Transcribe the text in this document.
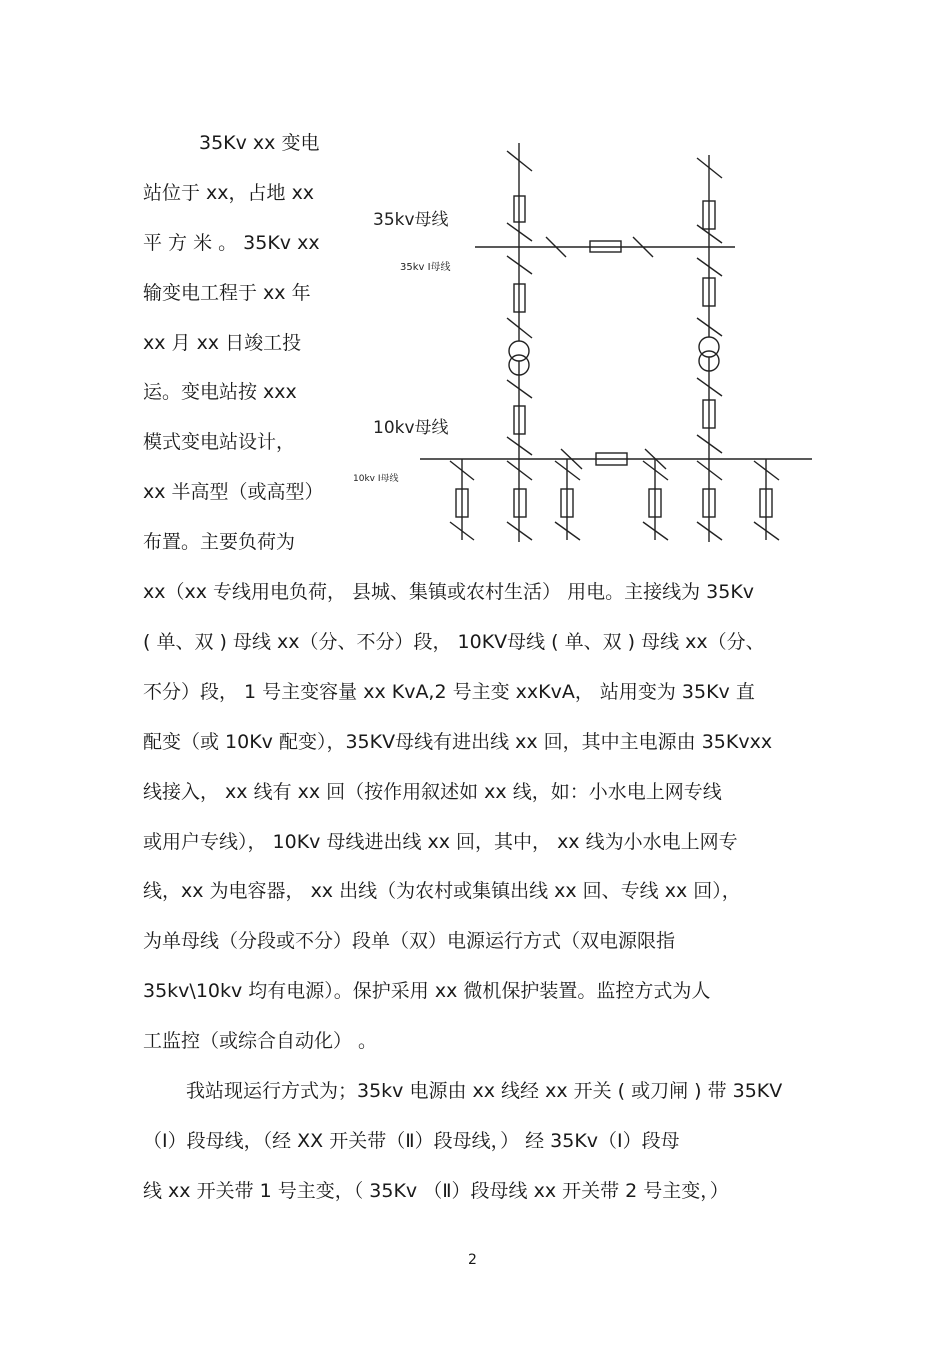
35Kv xx 变电
站位于 xx，占地 xx
平 方 米 。 35Kv xx
输变电工程于 xx 年
xx 月 xx 日竣工投
运。变电站按 xxx
模式变电站设计，
xx 半高型（或高型）
布置。主要负荷为
35kv母线
35kv Ⅰ母线
10kv母线
10kv Ⅰ母线
xx（xx 专线用电负荷， 县城、集镇或农村生活） 用电。主接线为 35Kv
( 单、双 ) 母线 xx（分、不分）段， 10KV母线 ( 单、双 ) 母线 xx（分、
不分）段， 1 号主变容量 xx KvA,2 号主变 xxKvA， 站用变为 35Kv 直
配变（或 10Kv 配变），35KV母线有进出线 xx 回，其中主电源由 35Kvxx
线接入， xx 线有 xx 回（按作用叙述如 xx 线，如：小水电上网专线
或用户专线）， 10Kv 母线进出线 xx 回，其中， xx 线为小水电上网专
线，xx 为电容器， xx 出线（为农村或集镇出线 xx 回、专线 xx 回），
为单母线（分段或不分）段单（双）电源运行方式（双电源限指
35kv\10kv 均有电源）。保护采用 xx 微机保护装置。监控方式为人
工监控（或综合自动化） 。
我站现运行方式为；35kv 电源由 xx 线经 xx 开关 ( 或刀闸 ) 带 35KV
（Ⅰ）段母线，（经 XX 开关带（Ⅱ）段母线，） 经 35Kv（Ⅰ）段母
线 xx 开关带 1 号主变，（ 35Kv （Ⅱ）段母线 xx 开关带 2 号主变，）
2
